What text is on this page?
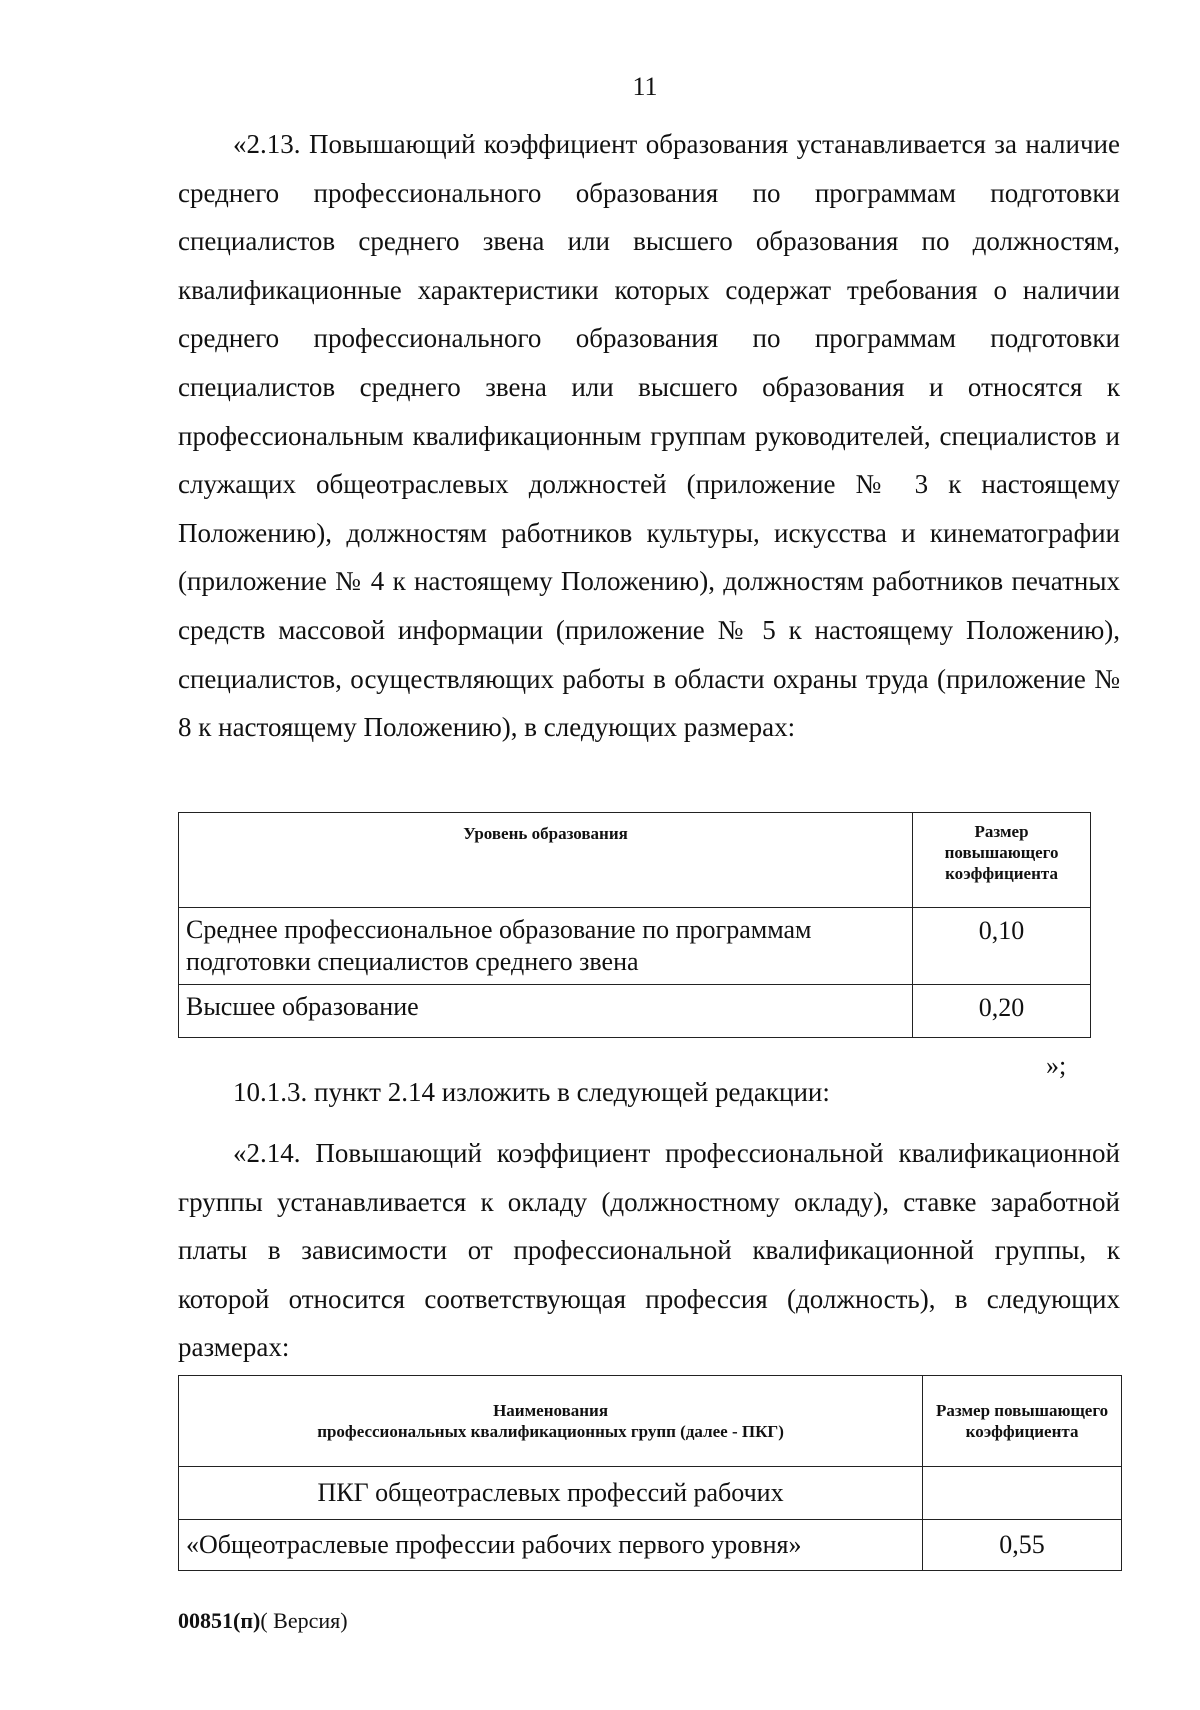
11

«2.13. Повышающий коэффициент образования устанавливается за наличие среднего профессионального образования по программам подготовки специалистов среднего звена или высшего образования по должностям, квалификационные характеристики которых содержат требования о наличии среднего профессионального образования по программам подготовки специалистов среднего звена или высшего образования и относятся к профессиональным квалификационным группам руководителей, специалистов и служащих общеотраслевых должностей (приложение № 3 к настоящему Положению), должностям работников культуры, искусства и кинематографии (приложение № 4 к настоящему Положению), должностям работников печатных средств массовой информации (приложение № 5 к настоящему Положению), специалистов, осуществляющих работы в области охраны труда (приложение № 8 к настоящему Положению), в следующих размерах:

Уровень образования	Размер повышающего коэффициента
Среднее профессиональное образование по программам подготовки специалистов среднего звена	0,10
Высшее образование	0,20
»;
10.1.3. пункт 2.14 изложить в следующей редакции:

«2.14. Повышающий коэффициент профессиональной квалификационной группы устанавливается к окладу (должностному окладу), ставке заработной платы в зависимости от профессиональной квалификационной группы, к которой относится соответствующая профессия (должность), в следующих размерах:

Наименования
профессиональных квалификационных групп (далее - ПКГ)	Размер повышающего коэффициента
ПКГ общеотраслевых профессий рабочих	
«Общеотраслевые профессии рабочих первого уровня»	0,55
00851(п)( Версия)
